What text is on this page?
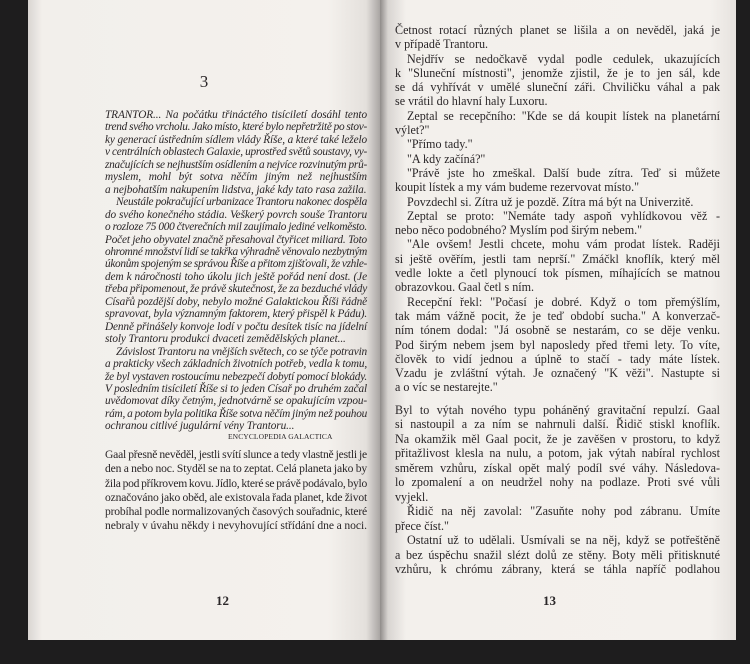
3
TRANTOR... Na počátku třináctého tisíciletí dosáhl tento
trend svého vrcholu. Jako místo, které bylo nepřetržitě po stov-
ky generací ústředním sídlem vlády Říše, a které také leželo
v centrálních oblastech Galaxie, uprostřed světů soustavy, vy-
značujících se nejhustším osídlením a nejvíce rozvinutým prů-
myslem, mohl být sotva něčím jiným než nejhustším
a nejbohatším nakupením lidstva, jaké kdy tato rasa zažila.
Neustále pokračující urbanizace Trantoru nakonec dospěla
do svého konečného stádia. Veškerý povrch souše Trantoru
o rozloze 75 000 čtverečních mil zaujímalo jediné velkoměsto.
Počet jeho obyvatel značně přesahoval čtyřicet miliard. Toto
ohromné množství lidí se takřka výhradně věnovalo nezbytným
úkonům spojeným se správou Říše a přitom zjišťovali, že vzhle-
dem k náročnosti toho úkolu jich ještě pořád není dost. (Je
třeba připomenout, že právě skutečnost, že za bezduché vlády
Císařů pozdější doby, nebylo možné Galaktickou Říši řádně
spravovat, byla významným faktorem, který přispěl k Pádu).
Denně přinášely konvoje lodí v počtu desítek tisíc na jídelní
stoly Trantoru produkci dvaceti zemědělských planet...
Závislost Trantoru na vnějších světech, co se týče potravin
a prakticky všech základních životních potřeb, vedla k tomu,
že byl vystaven rostoucímu nebezpečí dobytí pomocí blokády.
V posledním tisíciletí Říše si to jeden Císař po druhém začal
uvědomovat díky četným, jednotvárně se opakujícím vzpou-
rám, a potom byla politika Říše sotva něčím jiným než pouhou
ochranou citlivé jugulární vény Trantoru...
ENCYCLOPEDIA GALACTICA
Gaal přesně nevěděl, jestli svítí slunce a tedy vlastně jestli je
den a nebo noc. Styděl se na to zeptat. Celá planeta jako by
žila pod příkrovem kovu. Jídlo, které se právě podávalo, bylo
označováno jako oběd, ale existovala řada planet, kde život
probíhal podle normalizovaných časových souřadnic, které
nebraly v úvahu někdy i nevyhovující střídání dne a noci.
12
Četnost rotací různých planet se lišila a on nevěděl, jaká je
v případě Trantoru.
Nejdřív se nedočkavě vydal podle cedulek, ukazujících
k "Sluneční místnosti", jenomže zjistil, že je to jen sál, kde
se dá vyhřívát v umělé sluneční záři. Chviličku váhal a pak
se vrátil do hlavní haly Luxoru.
Zeptal se recepčního: "Kde se dá koupit lístek na planetární
výlet?"
"Přímo tady."
"A kdy začíná?"
"Právě jste ho zmeškal. Další bude zítra. Teď si můžete
koupit lístek a my vám budeme rezervovat místo."
Povzdechl si. Zítra už je pozdě. Zítra má být na Univerzitě.
Zeptal se proto: "Nemáte tady aspoň vyhlídkovou věž -
nebo něco podobného? Myslím pod širým nebem."
"Ale ovšem! Jestli chcete, mohu vám prodat lístek. Raději
si ještě ověřím, jestli tam neprší." Zmáčkl knoflík, který měl
vedle lokte a četl plynoucí tok písmen, míhajících se matnou
obrazovkou. Gaal četl s ním.
Recepční řekl: "Počasí je dobré. Když o tom přemýšlím,
tak mám vážně pocit, že je teď období sucha." A konverzač-
ním tónem dodal: "Já osobně se nestarám, co se děje venku.
Pod širým nebem jsem byl naposledy před třemi lety. To víte,
člověk to vidí jednou a úplně to stačí - tady máte lístek.
Vzadu je zvláštní výtah. Je označený "K věži". Nastupte si
a o víc se nestarejte."
Byl to výtah nového typu poháněný gravitační repulzí. Gaal
si nastoupil a za ním se nahrnuli další. Řidič stiskl knoflík.
Na okamžik měl Gaal pocit, že je zavěšen v prostoru, to když
přitažlivost klesla na nulu, a potom, jak výtah nabíral rychlost
směrem vzhůru, získal opět malý podíl své váhy. Následova-
lo zpomalení a on neudržel nohy na podlaze. Proti své vůli
vyjekl.
Řidič na něj zavolal: "Zasuňte nohy pod zábranu. Umíte
přece číst."
Ostatní už to udělali. Usmívali se na něj, když se potřeštěně
a bez úspěchu snažil slézt dolů ze stěny. Boty měli přitisknuté
vzhůru, k chrómu zábrany, která se táhla napříč podlahou
13
